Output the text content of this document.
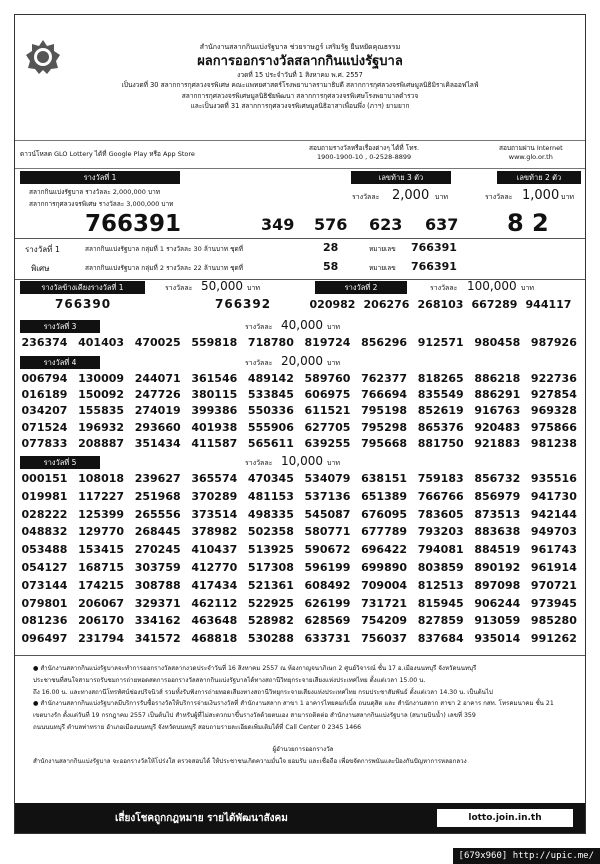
สำนักงานสลากกินแบ่งรัฐบาล ช่วยราษฎร์ เสริมรัฐ ยืนหยัดคุณธรรม

ผลการออกรางวัลสลากกินแบ่งรัฐบาล

งวดที่ 15 ประจำวันที่ 1 สิงหาคม พ.ศ. 2557

เป็นงวดที่ 30 สลากการกุศลวงจรพิเศษ คณะแพทยศาสตร์โรงพยาบาลรามาธิบดี สลากการกุศลวงจรพิเศษมูลนิธิมิราเคิลออฟไลฟ์

สลากการกุศลวงจรพิเศษมูลนิธิชัยพัฒนา สลากการกุศลวงจรพิเศษโรงพยาบาลตำรวจ

และเป็นงวดที่ 31 สลากการกุศลวงจรพิเศษมูลนิธิอาสาเพื่อนพึ่ง (ภาฯ) ยามยาก

ดาวน์โหลด GLO Lottery ได้ที่ Google Play หรือ App Store
สอบถามรางวัลหรือเรื่องต่างๆ ได้ที่ โทร.
1900-1900-10 , 0-2528-8899
สอบถามผ่าน Internet
www.glo.or.th
รางวัลที่ 1
สลากกินแบ่งรัฐบาล รางวัลละ 2,000,000 บาท
สลากการกุศลวงจรพิเศษ รางวัลละ 3,000,000 บาท
766391
เลขท้าย 3 ตัว
รางวัลละ 2,000 บาท
349 576 623 637
เลขท้าย 2 ตัว
รางวัลละ 1,000 บาท
8 2
รางวัลที่ 1
พิเศษ
สลากกินแบ่งรัฐบาล กลุ่มที่ 1 รางวัลละ 30 ล้านบาท ชุดที่	28	หมายเลข 766391
สลากกินแบ่งรัฐบาล กลุ่มที่ 2 รางวัลละ 22 ล้านบาท ชุดที่	58	หมายเลข 766391
รางวัลข้างเคียงรางวัลที่ 1	รางวัลละ 50,000 บาท
766390	766392
รางวัลที่ 2	รางวัลละ 100,000 บาท
020982 206276 268103 667289 944117
รางวัลที่ 3	รางวัลละ 40,000 บาท
236374 401403 470025 559818 718780 819724 856296 912571 980458 987926
รางวัลที่ 4	รางวัลละ 20,000 บาท
006794 130009 244071 361546 489142 589760 762377 818265 886218 922736
016189 150092 247726 380115 533845 606975 766694 835549 886291 927854
034207 155835 274019 399386 550336 611521 795198 852619 916763 969328
071524 196932 293660 401938 555906 627705 795298 865376 920483 975866
077833 208887 351434 411587 565611 639255 795668 881750 921883 981238
รางวัลที่ 5	รางวัลละ 10,000 บาท
000151 108018 239627 365574 470345 534079 638151 759183 856732 935516
019981 117227 251968 370289 481153 537136 651389 766766 856979 941730
028222 125399 265556 373514 498335 545087 676095 783605 873513 942144
048832 129770 268445 378982 502358 580771 677789 793203 883638 949703
053488 153415 270245 410437 513925 590672 696422 794081 884519 961743
054127 168715 303759 412770 517308 596199 699890 803859 890192 961914
073144 174215 308788 417434 521361 608492 709004 812513 897098 970721
079801 206067 329371 462112 522925 626199 731721 815945 906244 973945
081236 206170 334162 463648 528982 628569 754209 827859 913059 985280
096497 231794 341572 468818 530288 633731 756037 837684 935014 991262

● สำนักงานสลากกินแบ่งรัฐบาลจะทำการออกรางวัลสลากงวดประจำวันที่ 16 สิงหาคม 2557 ณ ห้องกาญจนาภิเษก 2 ศูนย์วิจารณ์ ชั้น 17 อ.เมืองนนทบุรี จังหวัดนนทบุรี

ประชาชนที่สนใจสามารถรับชมการถ่ายทอดสดการออกรางวัลสลากกินแบ่งรัฐบาลได้ทางสถานีวิทยุกระจายเสียงแห่งประเทศไทย ตั้งแต่เวลา 15.00 น.

ถึง 16.00 น. และทางสถานีโทรทัศน์ช่องปริจนิวส์ รวมทั้งรับฟังการถ่ายทอดเสียงทางสถานีวิทยุกระจายเสียงแห่งประเทศไทย กรมประชาสัมพันธ์ ตั้งแต่เวลา 14.30 น. เป็นต้นไป

● สำนักงานสลากกินแบ่งรัฐบาลมีบริการรับซื้อรางวัลให้บริการจ่ายเงินรางวัลที่ สำนักงานสลาก สาขา 1 อาคารไทยคมก์เบิ้ล ถนนดุสิต และ สำนักงานสลาก สาขา 2 อาคาร กสท. โทรคมนาคม ชั้น 21

เขตบางรัก ตั้งแต่วันที่ 19 กรกฎาคม 2557 เป็นต้นไป สำหรับผู้ที่ไม่สะดวกมาขึ้นรางวัลด้วยตนเอง สามารถติดต่อ สำนักงานสลากกินแบ่งรัฐบาล (สนามบินน้ำ) เลขที่ 359

ถนนนนทบุรี ตำบลท่าทราย อำเภอเมืองนนทบุรี จังหวัดนนทบุรี สอบถามรายละเอียดเพิ่มเติมได้ที่ Call Center 0 2345 1466

ผู้อำนวยการออกรางวัล

สำนักงานสลากกินแบ่งรัฐบาล จะออกรางวัลให้โปร่งใส ตรวจสอบได้ ให้ประชาชนเกิดความมั่นใจ ยอมรับ และเชื่อถือ เพื่อขจัดการพนันและป้องกันปัญหาการหลอกลวง

เสี่ยงโชคถูกกฎหมาย รายได้พัฒนาสังคม	lotto.join.in.th
[679x960] http://upic.me/
